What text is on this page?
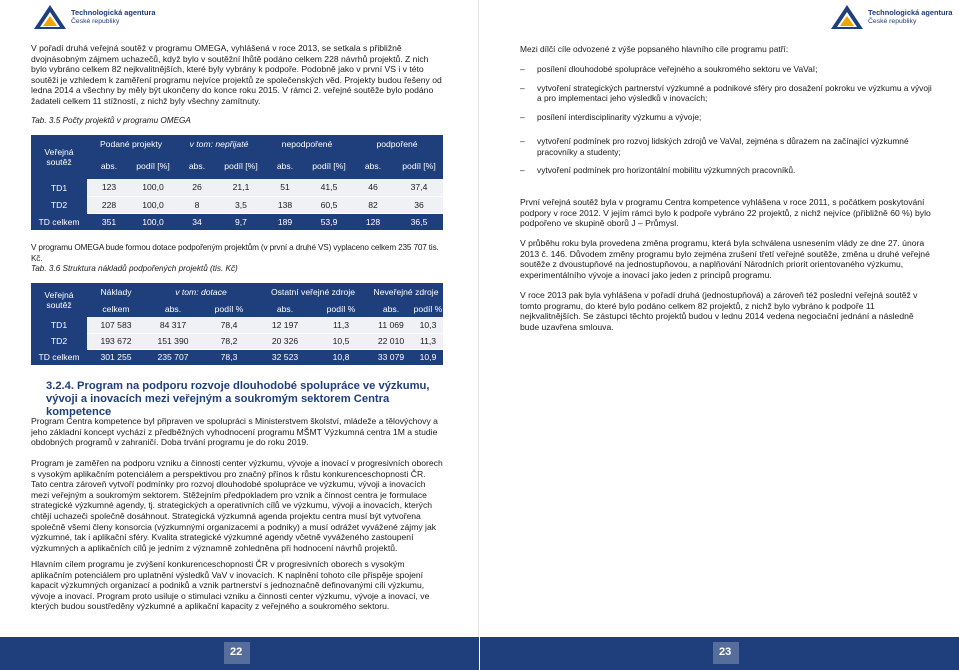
Technologická agentura
České republiky

V pořadí druhá veřejná soutěž v programu OMEGA, vyhlášená v roce 2013, se setkala s přibližně dvojnásobným zájmem uchazečů, když bylo v soutěžní lhůtě podáno celkem 228 návrhů projektů. Z nich bylo vybráno celkem 82 nejkvalitnějších, které byly vybrány k podpoře. Podobně jako v první VS i v této soutěži je vzhledem k zaměření programu nejvíce projektů ze společenských věd. Projekty budou řešeny od ledna 2014 a všechny by měly být ukončeny do konce roku 2015. V rámci 2. veřejné soutěže bylo podáno žadateli celkem 11 stížností, z nichž byly všechny zamítnuty.

Tab. 3.5 Počty projektů v programu OMEGA

Veřejná soutěž	Podané projekty		v tom: nepřijaté		nepodpořené		podpořené	
	abs.	podíl [%]	abs.	podíl [%]	abs.	podíl [%]	abs.	podíl [%]
TD1	123	100,0	26	21,1	51	41,5	46	37,4
TD2	228	100,0	8	3,5	138	60,5	82	36
TD celkem	351	100,0	34	9,7	189	53,9	128	36,5

V programu OMEGA bude formou dotace podpořeným projektům (v první a druhé VS) vyplaceno celkem 235 707 tis. Kč.

Tab. 3.6 Struktura nákladů podpořených projektů (tis. Kč)

Veřejná soutěž	Náklady	v tom: dotace		Ostatní veřejné zdroje		Neveřejné zdroje	
	celkem	abs.	podíl %	abs.	podíl %	abs.	podíl %
TD1	107 583	84 317	78,4	12 197	11,3	11 069	10,3
TD2	193 672	151 390	78,2	20 326	10,5	22 010	11,3
TD celkem	301 255	235 707	78,3	32 523	10,8	33 079	10,9

3.2.4. Program na podporu rozvoje dlouhodobé spolupráce ve výzkumu, vývoji a inovacích mezi veřejným a soukromým sektorem Centra kompetence

Program Centra kompetence byl připraven ve spolupráci s Ministerstvem školství, mládeže a tělovýchovy a jeho základní koncept vychází z předběžných vyhodnocení programu MŠMT Výzkumná centra 1M a studie obdobných programů v zahraničí. Doba trvání programu je do roku 2019.

Program je zaměřen na podporu vzniku a činnosti center výzkumu, vývoje a inovací v progresivních oborech s vysokým aplikačním potenciálem a perspektivou pro značný přínos k růstu konkurenceschopnosti ČR. Tato centra zároveň vytvoří podmínky pro rozvoj dlouhodobé spolupráce ve výzkumu, vývoji a inovacích mezi veřejným a soukromým sektorem. Stěžejním předpokladem pro vznik a činnost centra je formulace strategické výzkumné agendy, tj. strategických a operativních cílů ve výzkumu, vývoji a inovacích, kterých chtějí uchazeči společně dosáhnout. Strategická výzkumná agenda projektu centra musí být vytvořena společně všemi členy konsorcia (výzkumnými organizacemi a podniky) a musí odrážet vyvážené zájmy jak výzkumné, tak i aplikační sféry. Kvalita strategické výzkumné agendy včetně vyváženého zastoupení výzkumných a aplikačních cílů je jedním z významně zohledněna při hodnocení návrhů projektů.

Hlavním cílem programu je zvýšení konkurenceschopnosti ČR v progresivních oborech s vysokým aplikačním potenciálem pro uplatnění výsledků VaV v inovacích. K naplnění tohoto cíle přispěje spojení kapacit výzkumných organizací a podniků a vznik partnerství s jednoznačně definovanými cíli výzkumu, vývoje a inovací. Program proto usiluje o stimulaci vzniku a činnosti center výzkumu, vývoje a inovací, ve kterých budou soustředěny výzkumné a aplikační kapacity z veřejného a soukromého sektoru.

22
Technologická agentura
České republiky

Mezi dílčí cíle odvozené z výše popsaného hlavního cíle programu patří:

– posílení dlouhodobé spolupráce veřejného a soukromého sektoru ve VaVaI;
– vytvoření strategických partnerství výzkumné a podnikové sféry pro dosažení pokroku ve výzkumu a vývoji a pro implementaci jeho výsledků v inovacích;
– posílení interdisciplinarity výzkumu a vývoje;
– vytvoření podmínek pro rozvoj lidských zdrojů ve VaVaI, zejména s důrazem na začínající výzkumné pracovníky a studenty;
– vytvoření podmínek pro horizontální mobilitu výzkumných pracovníků.

První veřejná soutěž byla v programu Centra kompetence vyhlášena v roce 2011, s počátkem poskytování podpory v roce 2012. V jejím rámci bylo k podpoře vybráno 22 projektů, z nichž nejvíce (přibližně 60 %) bylo podpořeno ve skupině oborů J – Průmysl.

V průběhu roku byla provedena změna programu, která byla schválena usnesením vlády ze dne 27. února 2013 č. 146. Důvodem změny programu bylo zejména zrušení třetí veřejné soutěže, změna u druhé veřejné soutěže z dvoustupňové na jednostupňovou, a naplňování Národních priorit orientovaného výzkumu, experimentálního vývoje a inovací jako jeden z principů programu.

V roce 2013 pak byla vyhlášena v pořadí druhá (jednostupňová) a zároveň též poslední veřejná soutěž v tomto programu, do které bylo podáno celkem 82 projektů, z nichž bylo vybráno k podpoře 11 nejkvalitnějších. Se zástupci těchto projektů budou v lednu 2014 vedena negociační jednání a následně bude uzavřena smlouva.

23
